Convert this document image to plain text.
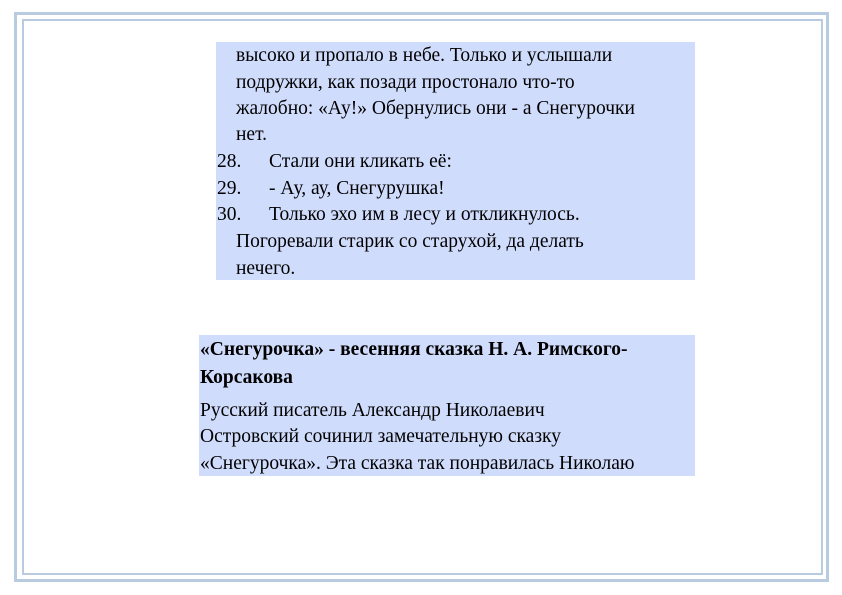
высоко и пропало в небе. Только и услышали
подружки, как позади простонало что-то
жалобно: «Ау!» Обернулись они - а Снегурочки
нет.
28. Стали они кликать её:
29. - Ау, ау, Снегурушка!
30. Только эхо им в лесу и откликнулось.
Погоревали старик со старухой, да делать
нечего.
«Снегурочка» - весенняя сказка Н. А. Римского-
Корсакова
Русский писатель Александр Николаевич
Островский сочинил замечательную сказку
«Снегурочка». Эта сказка так понравилась Николаю
